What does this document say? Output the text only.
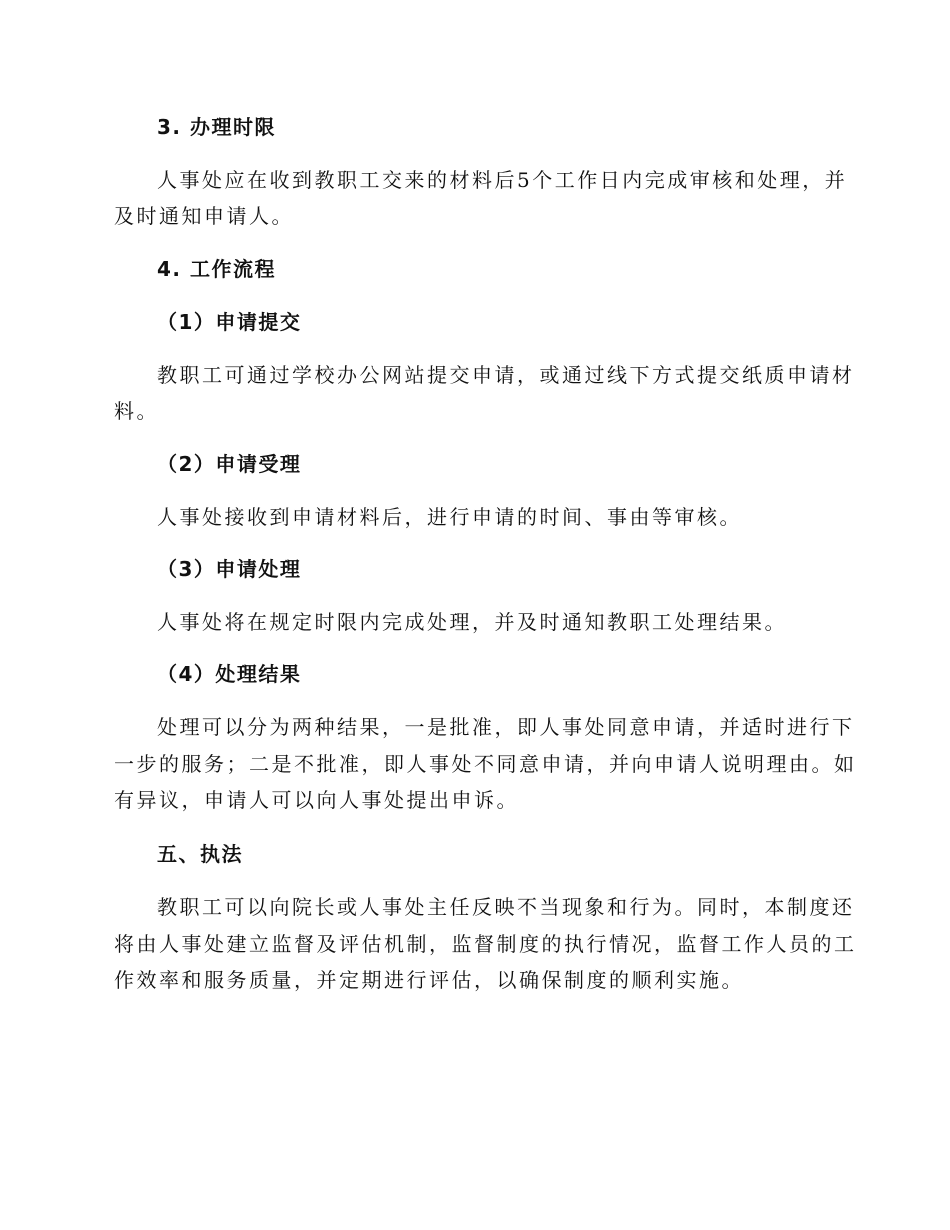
3. 办理时限
人事处应在收到教职工交来的材料后5个工作日内完成审核和处理，并
及时通知申请人。
4. 工作流程
（1）申请提交
教职工可通过学校办公网站提交申请，或通过线下方式提交纸质申请材
料。
（2）申请受理
人事处接收到申请材料后，进行申请的时间、事由等审核。
（3）申请处理
人事处将在规定时限内完成处理，并及时通知教职工处理结果。
（4）处理结果
处理可以分为两种结果，一是批准，即人事处同意申请，并适时进行下
一步的服务；二是不批准，即人事处不同意申请，并向申请人说明理由。如
有异议，申请人可以向人事处提出申诉。
五、执法
教职工可以向院长或人事处主任反映不当现象和行为。同时，本制度还
将由人事处建立监督及评估机制，监督制度的执行情况，监督工作人员的工
作效率和服务质量，并定期进行评估，以确保制度的顺利实施。
